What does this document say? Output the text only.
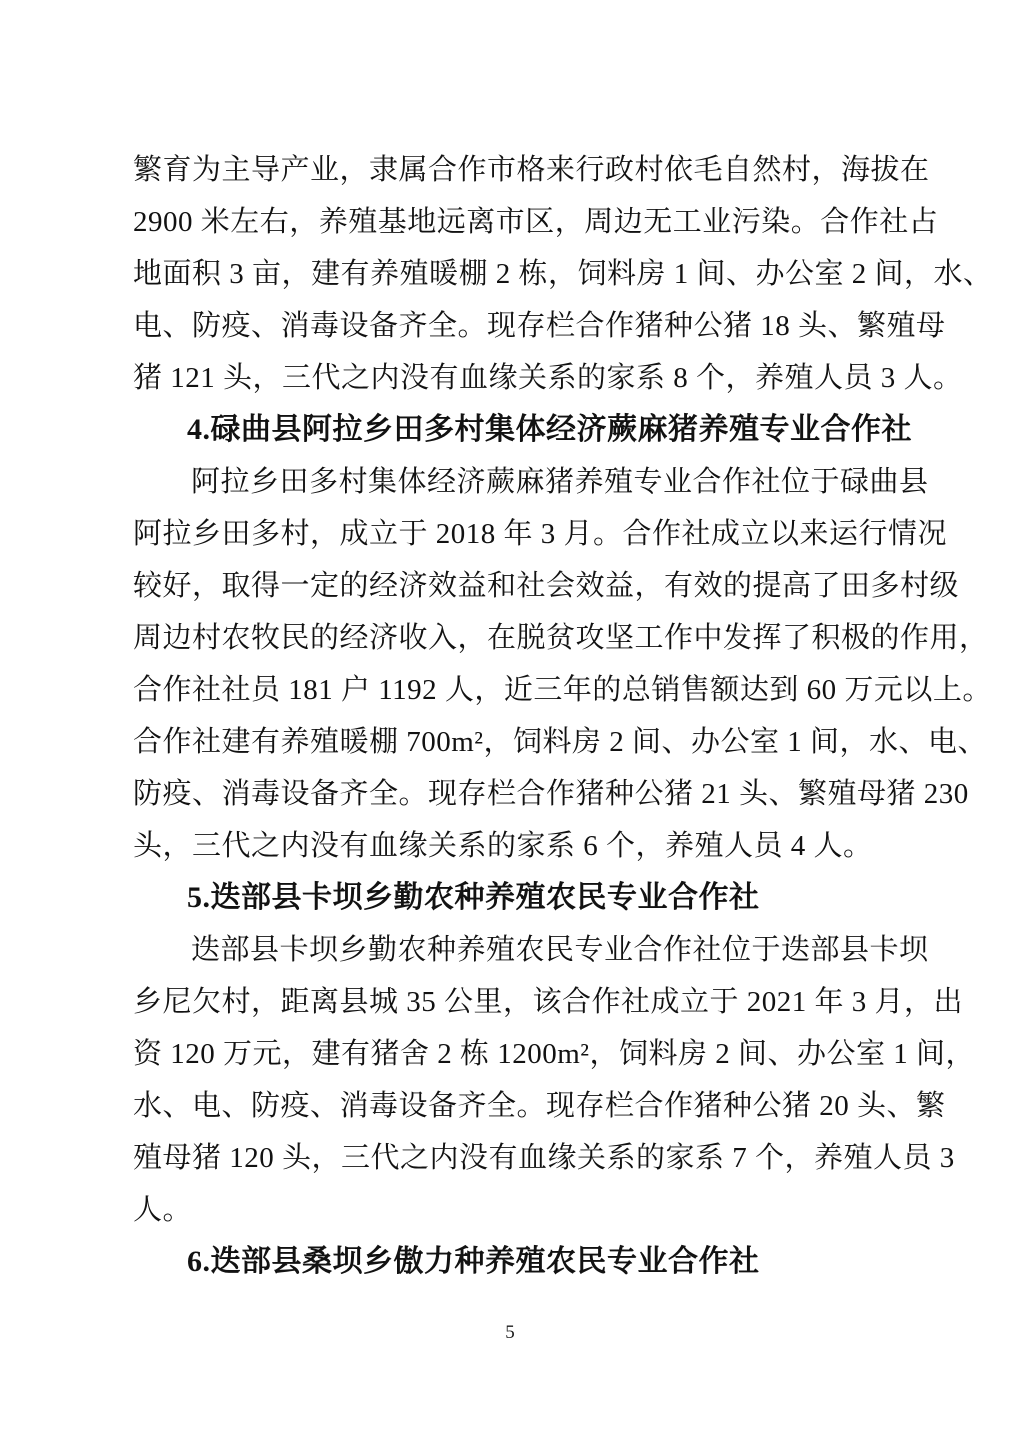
繁育为主导产业，隶属合作市格来行政村依毛自然村，海拔在
2900 米左右，养殖基地远离市区，周边无工业污染。合作社占
地面积 3 亩，建有养殖暖棚 2 栋，饲料房 1 间、办公室 2 间，水、
电、防疫、消毒设备齐全。现存栏合作猪种公猪 18 头、繁殖母
猪 121 头，三代之内没有血缘关系的家系 8 个，养殖人员 3 人。
4.碌曲县阿拉乡田多村集体经济蕨麻猪养殖专业合作社
阿拉乡田多村集体经济蕨麻猪养殖专业合作社位于碌曲县
阿拉乡田多村，成立于 2018 年 3 月。合作社成立以来运行情况
较好，取得一定的经济效益和社会效益，有效的提高了田多村级
周边村农牧民的经济收入，在脱贫攻坚工作中发挥了积极的作用，
合作社社员 181 户 1192 人，近三年的总销售额达到 60 万元以上。
合作社建有养殖暖棚 700m²，饲料房 2 间、办公室 1 间，水、电、
防疫、消毒设备齐全。现存栏合作猪种公猪 21 头、繁殖母猪 230
头，三代之内没有血缘关系的家系 6 个，养殖人员 4 人。
5.迭部县卡坝乡勤农种养殖农民专业合作社
迭部县卡坝乡勤农种养殖农民专业合作社位于迭部县卡坝
乡尼欠村，距离县城 35 公里，该合作社成立于 2021 年 3 月，出
资 120 万元，建有猪舍 2 栋 1200m²，饲料房 2 间、办公室 1 间，
水、电、防疫、消毒设备齐全。现存栏合作猪种公猪 20 头、繁
殖母猪 120 头，三代之内没有血缘关系的家系 7 个，养殖人员 3
人。
6.迭部县桑坝乡傲力种养殖农民专业合作社
5
